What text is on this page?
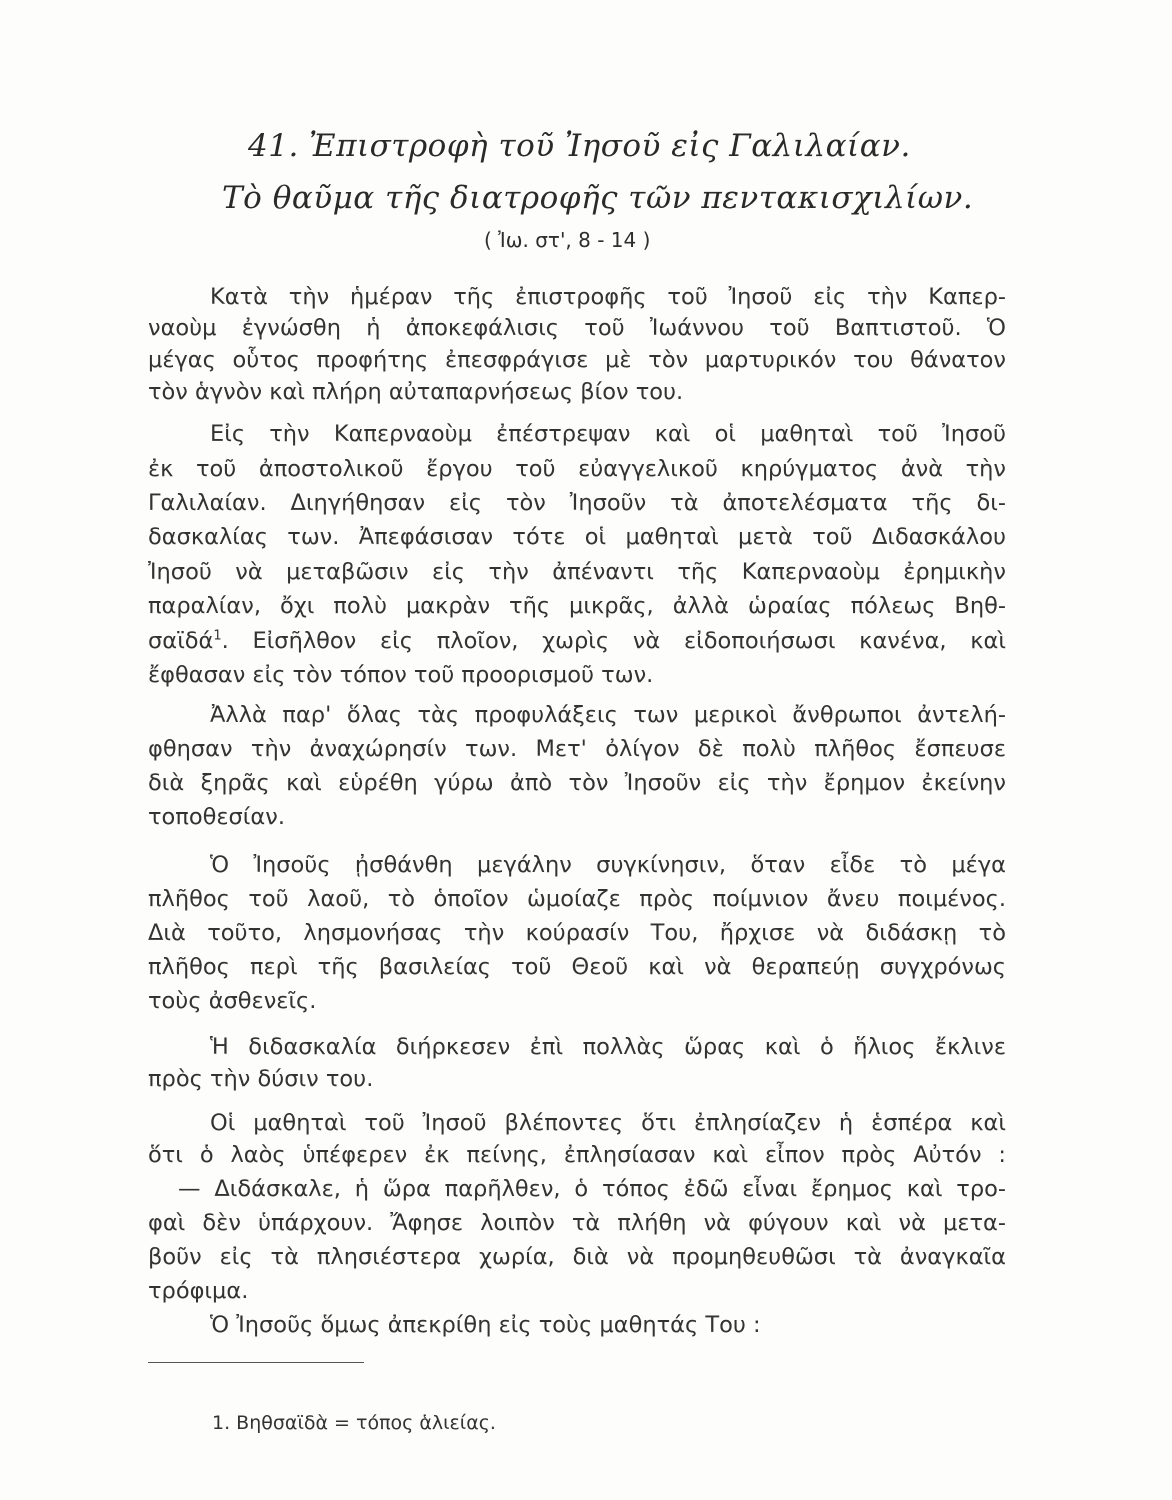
41. Ἐπιστροφὴ τοῦ Ἰησοῦ εἰς Γαλιλαίαν.
Τὸ θαῦμα τῆς διατροφῆς τῶν πεντακισχιλίων.
( Ἰω. στ', 8 - 14 )
Κατὰ τὴν ἡμέραν τῆς ἐπιστροφῆς τοῦ Ἰησοῦ εἰς τὴν Καπερ-
ναοὺμ ἐγνώσθη ἡ ἀποκεφάλισις τοῦ Ἰωάννου τοῦ Βαπτιστοῦ. Ὁ
μέγας οὗτος προφήτης ἐπεσφράγισε μὲ τὸν μαρτυρικόν του θάνατον
τὸν ἁγνὸν καὶ πλήρη αὐταπαρνήσεως βίον του.
Εἰς τὴν Καπερναοὺμ ἐπέστρεψαν καὶ οἱ μαθηταὶ τοῦ Ἰησοῦ
ἐκ τοῦ ἀποστολικοῦ ἔργου τοῦ εὐαγγελικοῦ κηρύγματος ἀνὰ τὴν
Γαλιλαίαν. Διηγήθησαν εἰς τὸν Ἰησοῦν τὰ ἀποτελέσματα τῆς δι-
δασκαλίας των. Ἀπεφάσισαν τότε οἱ μαθηταὶ μετὰ τοῦ Διδασκάλου
Ἰησοῦ νὰ μεταβῶσιν εἰς τὴν ἀπέναντι τῆς Καπερναοὺμ ἐρημικὴν
παραλίαν, ὄχι πολὺ μακρὰν τῆς μικρᾶς, ἀλλὰ ὡραίας πόλεως Βηθ-
σαϊδά$^1$. Εἰσῆλθον εἰς πλοῖον, χωρὶς νὰ εἰδοποιήσωσι κανένα, καὶ
ἔφθασαν εἰς τὸν τόπον τοῦ προορισμοῦ των.
Ἀλλὰ παρ' ὅλας τὰς προφυλάξεις των μερικοὶ ἄνθρωποι ἀντελή-
φθησαν τὴν ἀναχώρησίν των. Μετ' ὀλίγον δὲ πολὺ πλῆθος ἔσπευσε
διὰ ξηρᾶς καὶ εὑρέθη γύρω ἀπὸ τὸν Ἰησοῦν εἰς τὴν ἔρημον ἐκείνην
τοποθεσίαν.
Ὁ Ἰησοῦς ᾐσθάνθη μεγάλην συγκίνησιν, ὅταν εἶδε τὸ μέγα
πλῆθος τοῦ λαοῦ, τὸ ὁποῖον ὡμοίαζε πρὸς ποίμνιον ἄνευ ποιμένος.
Διὰ τοῦτο, λησμονήσας τὴν κούρασίν Του, ἤρχισε νὰ διδάσκῃ τὸ
πλῆθος περὶ τῆς βασιλείας τοῦ Θεοῦ καὶ νὰ θεραπεύῃ συγχρόνως
τοὺς ἀσθενεῖς.
Ἡ διδασκαλία διήρκεσεν ἐπὶ πολλὰς ὥρας καὶ ὁ ἥλιος ἔκλινε
πρὸς τὴν δύσιν του.
Οἱ μαθηταὶ τοῦ Ἰησοῦ βλέποντες ὅτι ἐπλησίαζεν ἡ ἑσπέρα καὶ
ὅτι ὁ λαὸς ὑπέφερεν ἐκ πείνης, ἐπλησίασαν καὶ εἶπον πρὸς Αὐτόν :
— Διδάσκαλε, ἡ ὥρα παρῆλθεν, ὁ τόπος ἐδῶ εἶναι ἔρημος καὶ τρο-
φαὶ δὲν ὑπάρχουν. Ἄφησε λοιπὸν τὰ πλήθη νὰ φύγουν καὶ νὰ μετα-
βοῦν εἰς τὰ πλησιέστερα χωρία, διὰ νὰ προμηθευθῶσι τὰ ἀναγκαῖα
τρόφιμα.
Ὁ Ἰησοῦς ὅμως ἀπεκρίθη εἰς τοὺς μαθητάς Του :
1. Βηθσαϊδὰ = τόπος ἁλιείας.
